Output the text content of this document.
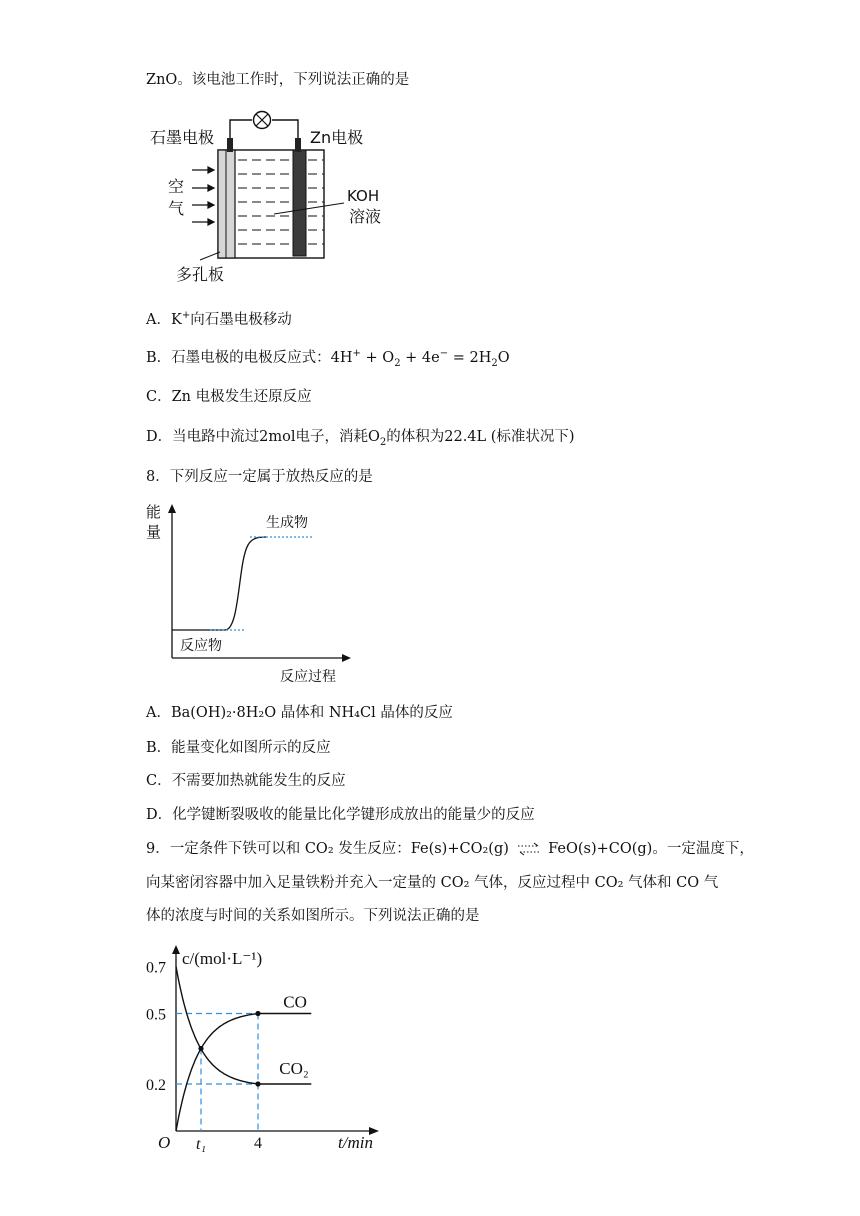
ZnO。该电池工作时，下列说法正确的是
石墨电极	Zn电极
空
气
KOH
溶液
多孔板
A．K+向石墨电极移动
B．石墨电极的电极反应式：$4H^+ + O_2 + 4e^- = 2H_2O$
C．Zn 电极发生还原反应
D．当电路中流过2mol电子，消耗$O_2$的体积为22.4L (标准状况下)
8．下列反应一定属于放热反应的是
能
量	生成物
反应物
反应过程
A．Ba(OH)₂·8H₂O 晶体和 NH₄Cl 晶体的反应
B．能量变化如图所示的反应
C．不需要加热就能发生的反应
D．化学键断裂吸收的能量比化学键形成放出的能量少的反应
9．一定条件下铁可以和 CO₂ 发生反应：Fe(s)+CO₂(g) ⇌ FeO(s)+CO(g)。一定温度下，
向某密闭容器中加入足量铁粉并充入一定量的 CO₂ 气体，反应过程中 CO₂ 气体和 CO 气
体的浓度与时间的关系如图所示。下列说法正确的是
c/(mol·L⁻¹)
0.7
0.5
0.2
O t₁	4	t/min
CO
CO₂
